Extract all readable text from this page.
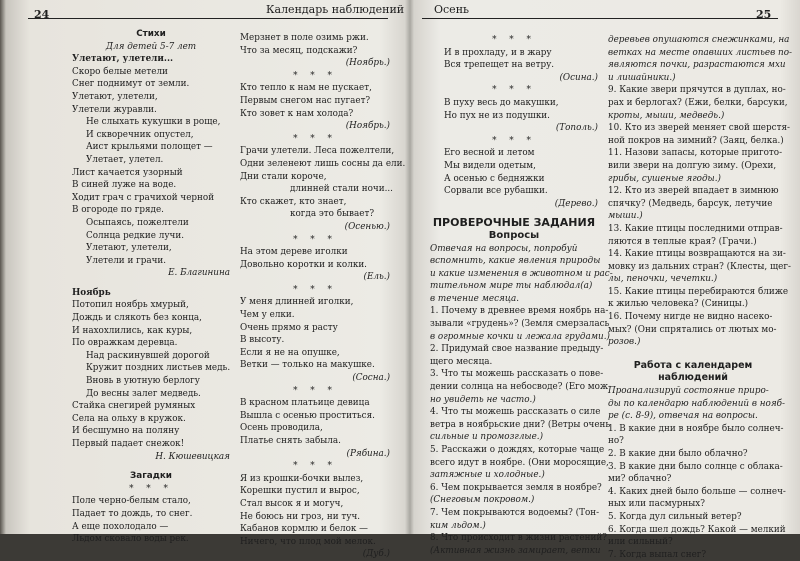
24	Календарь наблюдений
Стихи
Для детей 5-7 лет
Улетают, улетели...
Скоро белые метели
Снег поднимут от земли.
Улетают, улетели,
Улетели журавли.
Не слыхать кукушки в роще,
И скворечник опустел,
Аист крыльями полощет —
Улетает, улетел.
Лист качается узорный
В синей луже на воде.
Ходит грач с грачихой черной
В огороде по гряде.
Осыпаясь, пожелтели
Солнца редкие лучи.
Улетают, улетели,
Улетели и грачи.
Е. Благинина
Ноябрь
Потопил ноябрь хмурый,
Дождь и слякоть без конца,
И нахохлились, как куры,
По овражкам деревца.
Над раскинувшей дорогой
Кружит поздних листьев медь.
Вновь в уютную берлогу
До весны залег медведь.
Стайка снегирей румяных
Села на ольху в кружок.
И бесшумно на поляну
Первый падает снежок!
Н. Кюшевицкая
Загадки
* * *
Поле черно-белым стало,
Падает то дождь, то снег.
А еще похолодало —
Льдом сковало воды рек.
Мерзнет в поле озимь ржи.
Что за месяц, подскажи?
(Ноябрь.)
* * *
Кто тепло к нам не пускает,
Первым снегом нас пугает?
Кто зовет к нам холода?
(Ноябрь.)
* * *
Грачи улетели. Леса пожелтели,
Одни зеленеют лишь сосны да ели.
Дни стали короче,
длинней стали ночи...
Кто скажет, кто знает,
когда это бывает?
(Осенью.)
* * *
На этом дереве иголки
Довольно коротки и колки.
(Ель.)
* * *
У меня длинней иголки,
Чем у елки.
Очень прямо я расту
В высоту.
Если я не на опушке,
Ветки — только на макушке.
(Сосна.)
* * *
В красном платьице девица
Вышла с осенью проститься.
Осень проводила,
Платье снять забыла.
(Рябина.)
* * *
Я из крошки-бочки вылез,
Корешки пустил и вырос,
Стал высок я и могуч,
Не боюсь ни гроз, ни туч.
Кабанов кормлю и белок —
Ничего, что плод мой мелок.
(Дуб.)
Осень	25
* * *
И в прохладу, и в жару
Вся трепещет на ветру.
(Осина.)
* * *
В пуху весь до макушки,
Но пух не из подушки.
(Тополь.)
* * *
Его весной и летом
Мы видели одетым,
А осенью с бедняжки
Сорвали все рубашки.
(Дерево.)
ПРОВЕРОЧНЫЕ ЗАДАНИЯ
Вопросы
Отвечая на вопросы, попробуй
вспомнить, какие явления природы
и какие изменения в животном и рас-
тительном мире ты наблюдал(а)
в течение месяца.
1. Почему в древнее время ноябрь на-
зывали «грудень»? (Земля смерзалась
в огромные кочки и лежала грудами.)
2. Придумай свое название предыду-
щего месяца.
3. Что ты можешь рассказать о пове-
дении солнца на небосводе? (Его мож-
но увидеть не часто.)
4. Что ты можешь рассказать о силе
ветра в ноябрьские дни? (Ветры очень
сильные и промозглые.)
5. Расскажи о дождях, которые чаще
всего идут в ноябре. (Они моросящие,
затяжные и холодные.)
6. Чем покрывается земля в ноябре?
(Снеговым покровом.)
7. Чем покрываются водоемы? (Тон-
ким льдом.)
8. Что происходит в жизни растений?
(Активная жизнь замирает, ветки
деревьев опушаются снежинками, на
ветках на месте опавших листьев по-
являются почки, разрастаются мхи
и лишайники.)
9. Какие звери прячутся в дуплах, но-
рах и берлогах? (Ежи, белки, барсуки,
кроты, мыши, медведь.)
10. Кто из зверей меняет свой шерстя-
ной покров на зимний? (Заяц, белка.)
11. Назови запасы, которые пригото-
вили звери на долгую зиму. (Орехи,
грибы, сушеные ягоды.)
12. Кто из зверей впадает в зимнюю
спячку? (Медведь, барсук, летучие
мыши.)
13. Какие птицы последними отправ-
ляются в теплые края? (Грачи.)
14. Какие птицы возвращаются на зи-
мовку из дальних стран? (Клесты, щег-
лы, пеночки, чечетки.)
15. Какие птицы перебираются ближе
к жилью человека? (Синицы.)
16. Почему нигде не видно насеко-
мых? (Они спрятались от лютых мо-
розов.)
Работа с календарем
наблюдений
Проанализируй состояние приро-
ды по календарю наблюдений в нояб-
ре (с. 8-9), отвечая на вопросы.
1. В какие дни в ноябре было солнеч-
но?
2. В какие дни было облачно?
3. В какие дни было солнце с облака-
ми? облачно?
4. Каких дней было больше — солнеч-
ных или пасмурных?
5. Когда дул сильный ветер?
6. Когда шел дождь? Какой — мелкий
или сильный?
7. Когда выпал снег?
